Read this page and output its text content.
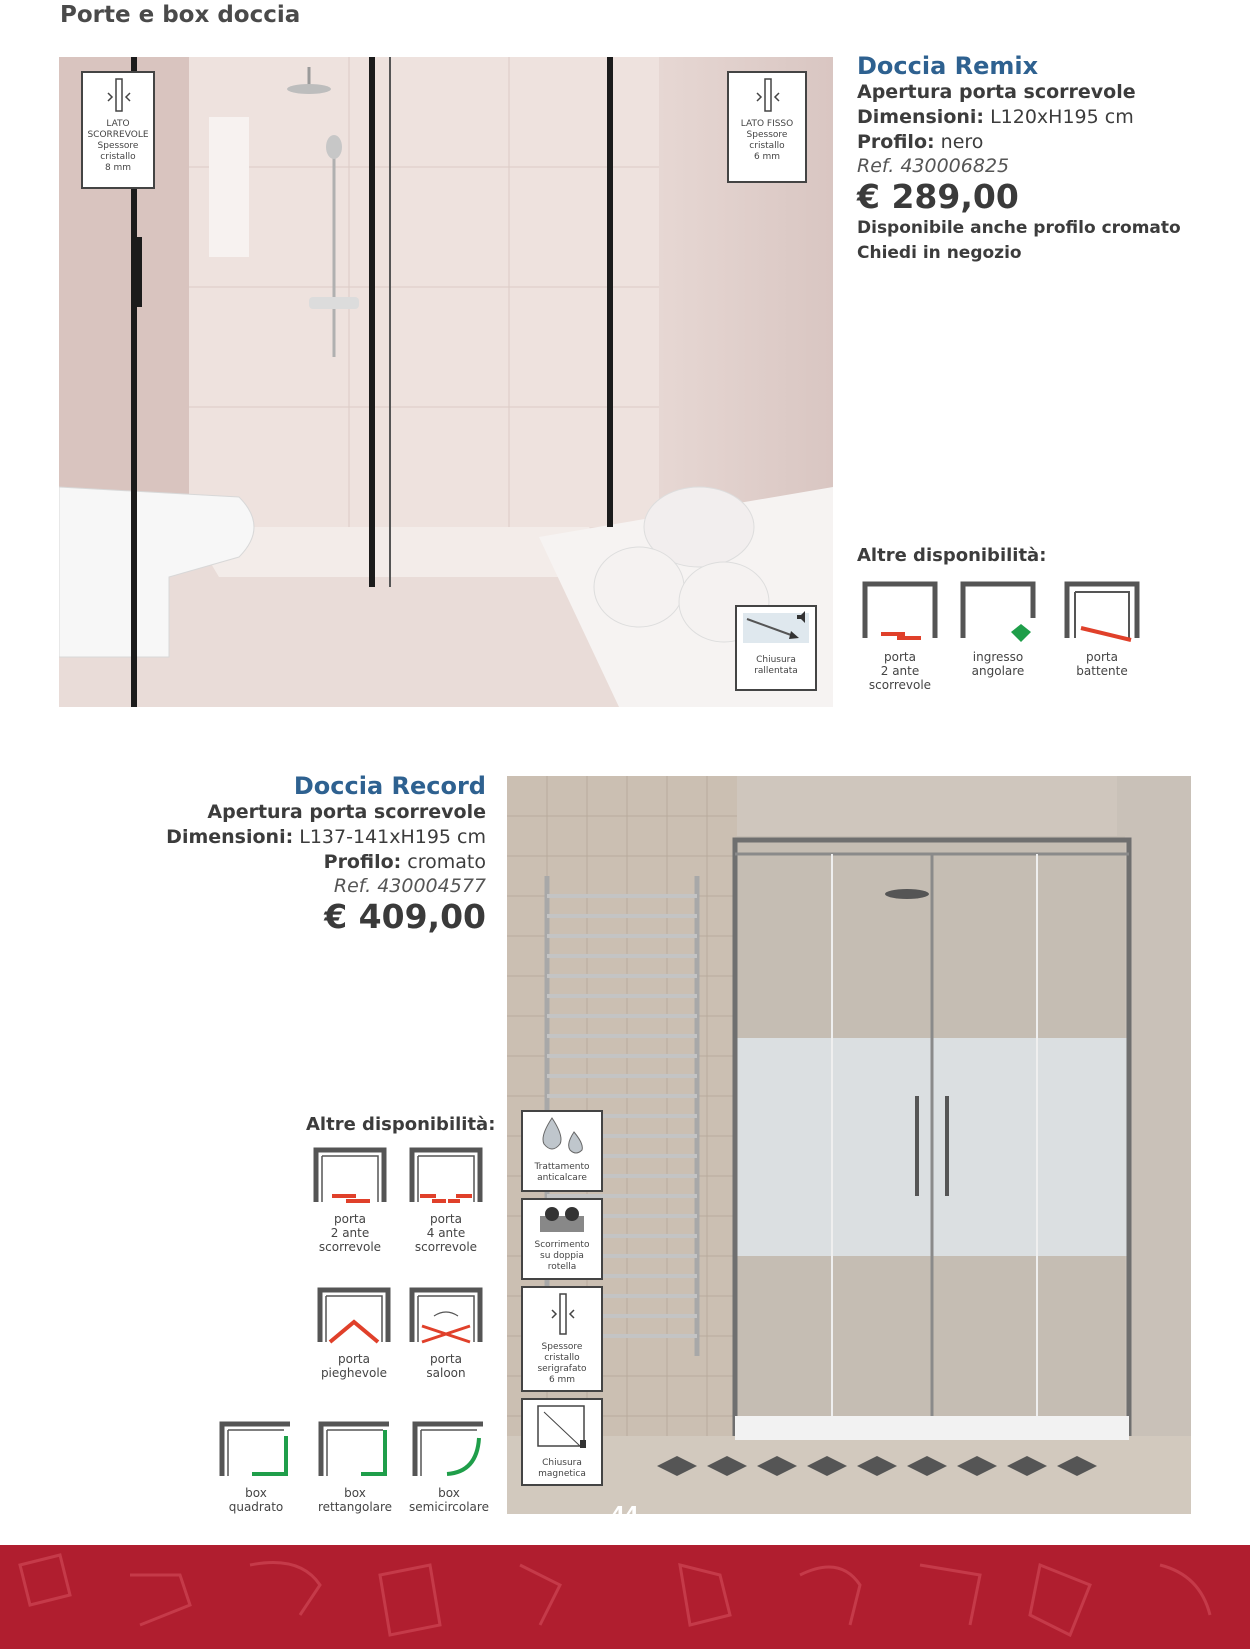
Porte e box doccia
LATO
SCORREVOLE
Spessore
cristallo
8 mm
LATO FISSO
Spessore
cristallo
6 mm
Chiusura
rallentata
Doccia Remix
Apertura porta scorrevole
Dimensioni: L120xH195 cm
Profilo: nero
Ref. 430006825
€ 289,00
Disponibile anche profilo cromato
Chiedi in negozio
Altre disponibilità:
porta
2 ante
scorrevole
ingresso
angolare
porta
battente
Doccia Record
Apertura porta scorrevole
Dimensioni: L137-141xH195 cm
Profilo: cromato
Ref. 430004577
€ 409,00
Altre disponibilità:
porta
2 ante
scorrevole
porta
4 ante
scorrevole
porta
pieghevole
porta
saloon
box
quadrato
box
rettangolare
box
semicircolare
Trattamento
anticalcare
Scorrimento
su doppia
rotella
Spessore
cristallo
serigrafato
6 mm
Chiusura
magnetica
44
